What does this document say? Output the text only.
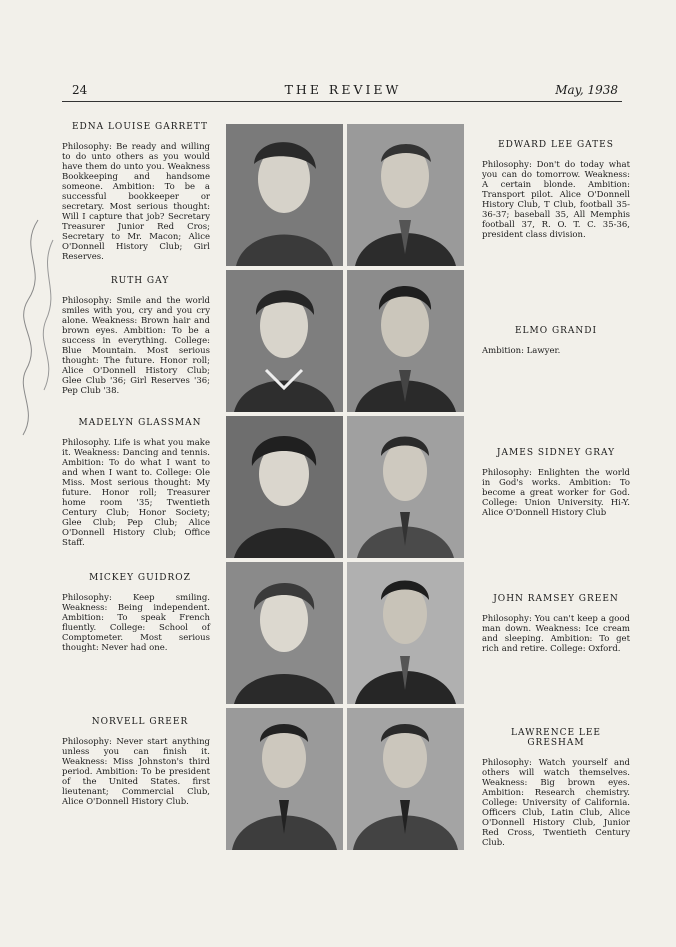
24	THE REVIEW	May, 1938
EDNA LOUISE GARRETT
Philosophy: Be ready and willing to do unto others as you would have them do unto you. Weakness Bookkeeping and handsome someone. Ambition: To be a successful bookkeeper or secretary. Most serious thought: Will I capture that job? Secretary Treasurer Junior Red Cros; Secretary to Mr. Macon; Alice O'Donnell History Club; Girl Reserves.
RUTH GAY
Philosophy: Smile and the world smiles with you, cry and you cry alone. Weakness: Brown hair and brown eyes. Ambition: To be a success in everything. College: Blue Mountain. Most serious thought: The future. Honor roll; Alice O'Donnell History Club; Glee Club '36; Girl Reserves '36; Pep Club '38.
MADELYN GLASSMAN
Philosophy. Life is what you make it. Weakness: Dancing and tennis. Ambition: To do what I want to and when I want to. College: Ole Miss. Most serious thought: My future. Honor roll; Treasurer home room '35; Twentieth Century Club; Honor Society; Glee Club; Pep Club; Alice O'Donnell History Club; Office Staff.
MICKEY GUIDROZ
Philosophy: Keep smiling. Weakness: Being independent. Ambition: To speak French fluently. College: School of Comptometer. Most serious thought: Never had one.
NORVELL GREER
Philosophy: Never start anything unless you can finish it. Weakness: Miss Johnston's third period. Ambition: To be president of the United States. first lieutenant; Commercial Club, Alice O'Donnell History Club.
EDWARD LEE GATES
Philosophy: Don't do today what you can do tomorrow. Weakness: A certain blonde. Ambition: Transport pilot. Alice O'Donnell History Club, T Club, football 35-36-37; baseball 35, All Memphis football 37, R. O. T. C. 35-36, president class division.
ELMO GRANDI
Ambition: Lawyer.
JAMES SIDNEY GRAY
Philosophy: Enlighten the world in God's works. Ambition: To become a great worker for God. College: Union University. Hi-Y. Alice O'Donnell History Club
JOHN RAMSEY GREEN
Philosophy: You can't keep a good man down. Weakness: Ice cream and sleeping. Ambition: To get rich and retire. College: Oxford.
LAWRENCE LEE GRESHAM
Philosophy: Watch yourself and others will watch themselves. Weakness: Big brown eyes. Ambition: Research chemistry. College: University of California. Officers Club, Latin Club, Alice O'Donnell History Club, Junior Red Cross, Twentieth Century Club.
